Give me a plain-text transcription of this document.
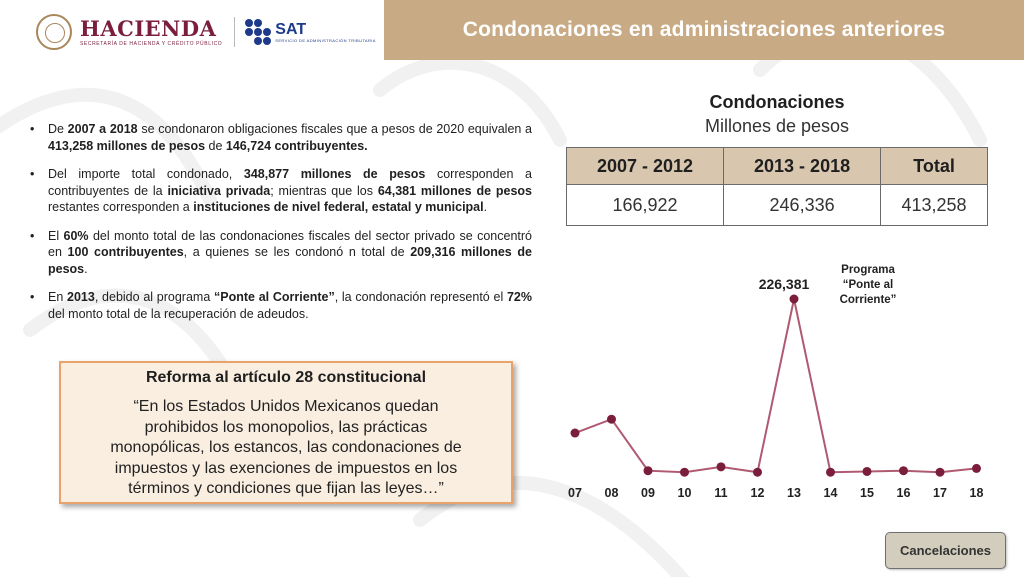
HACIENDA
SECRETARÍA DE HACIENDA Y CRÉDITO PÚBLICO
SAT
SERVICIO DE ADMINISTRACIÓN TRIBUTARIA	Condonaciones en administraciones anteriores
•	De 2007 a 2018 se condonaron obligaciones fiscales que a pesos de 2020 equivalen a 413,258 millones de pesos de 146,724 contribuyentes.
•	Del importe total condonado, 348,877 millones de pesos corresponden a contribuyentes de la iniciativa privada; mientras que los 64,381 millones de pesos restantes corresponden a instituciones de nivel federal, estatal y municipal.
•	El 60% del monto total de las condonaciones fiscales del sector privado se concentró en 100 contribuyentes, a quienes se les condonó n total de 209,316 millones de pesos.
•	En 2013, debido al programa “Ponte al Corriente”, la condonación representó el 72% del monto total de la recuperación de adeudos.
Reforma al artículo 28 constitucional
“En los Estados Unidos Mexicanos quedan
prohibidos los monopolios, las prácticas
monopólicas, los estancos, las condonaciones de
impuestos y las exenciones de impuestos en los
términos y condiciones que fijan las leyes…”
Condonaciones
Millones de pesos
2007 - 2012	2013 - 2018	Total
166,922	246,336	413,258
07 08 09 10 11 12 13 14 15 16 17 18
226,381
Programa
“Ponte al
Corriente”
Cancelaciones
